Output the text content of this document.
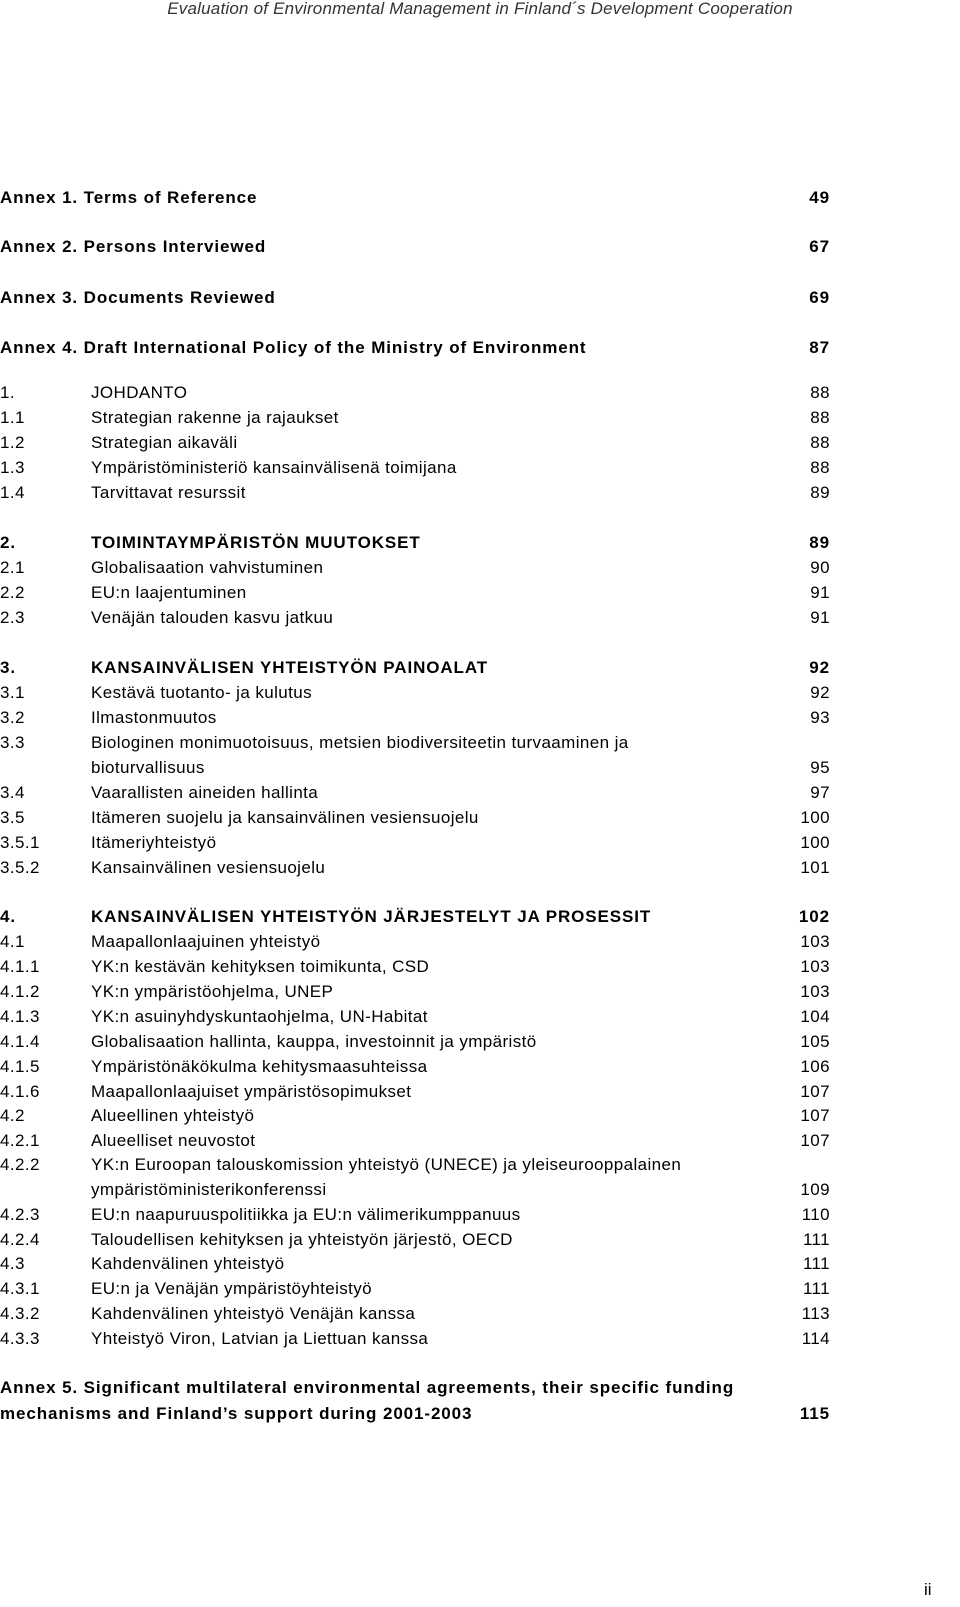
Evaluation of Environmental Management in Finland´s Development Cooperation
Annex 1. Terms of Reference	49
Annex 2. Persons Interviewed	67
Annex 3. Documents Reviewed	69
Annex 4. Draft International Policy of the Ministry of Environment	87
1.	JOHDANTO	88
1.1	Strategian rakenne ja rajaukset	88
1.2	Strategian aikaväli	88
1.3	Ympäristöministeriö kansainvälisenä toimijana	88
1.4	Tarvittavat resurssit	89
2.	TOIMINTAYMPÄRISTÖN MUUTOKSET	89
2.1	Globalisaation vahvistuminen	90
2.2	EU:n laajentuminen	91
2.3	Venäjän talouden kasvu jatkuu	91
3.	KANSAINVÄLISEN YHTEISTYÖN PAINOALAT	92
3.1	Kestävä tuotanto- ja kulutus	92
3.2	Ilmastonmuutos	93
3.3	Biologinen monimuotoisuus, metsien biodiversiteetin turvaaminen ja
bioturvallisuus	95
3.4	Vaarallisten aineiden hallinta	97
3.5	Itämeren suojelu ja kansainvälinen vesiensuojelu	100
3.5.1	Itämeriyhteistyö	100
3.5.2	Kansainvälinen vesiensuojelu	101
4.	KANSAINVÄLISEN YHTEISTYÖN JÄRJESTELYT JA PROSESSIT	102
4.1	Maapallonlaajuinen yhteistyö	103
4.1.1	YK:n kestävän kehityksen toimikunta, CSD	103
4.1.2	YK:n ympäristöohjelma, UNEP	103
4.1.3	YK:n asuinyhdyskuntaohjelma, UN-Habitat	104
4.1.4	Globalisaation hallinta, kauppa, investoinnit ja ympäristö	105
4.1.5	Ympäristönäkökulma kehitysmaasuhteissa	106
4.1.6	Maapallonlaajuiset ympäristösopimukset	107
4.2	Alueellinen yhteistyö	107
4.2.1	Alueelliset neuvostot	107
4.2.2	YK:n Euroopan talouskomission yhteistyö (UNECE) ja yleiseurooppalainen
ympäristöministerikonferenssi	109
4.2.3	EU:n naapuruuspolitiikka ja EU:n välimerikumppanuus	110
4.2.4	Taloudellisen kehityksen ja yhteistyön järjestö, OECD	111
4.3	Kahdenvälinen yhteistyö	111
4.3.1	EU:n ja Venäjän ympäristöyhteistyö	111
4.3.2	Kahdenvälinen yhteistyö Venäjän kanssa	113
4.3.3	Yhteistyö Viron, Latvian ja Liettuan kanssa	114
Annex 5. Significant multilateral environmental agreements, their specific funding
mechanisms and Finland’s support during 2001-2003	115
ii
